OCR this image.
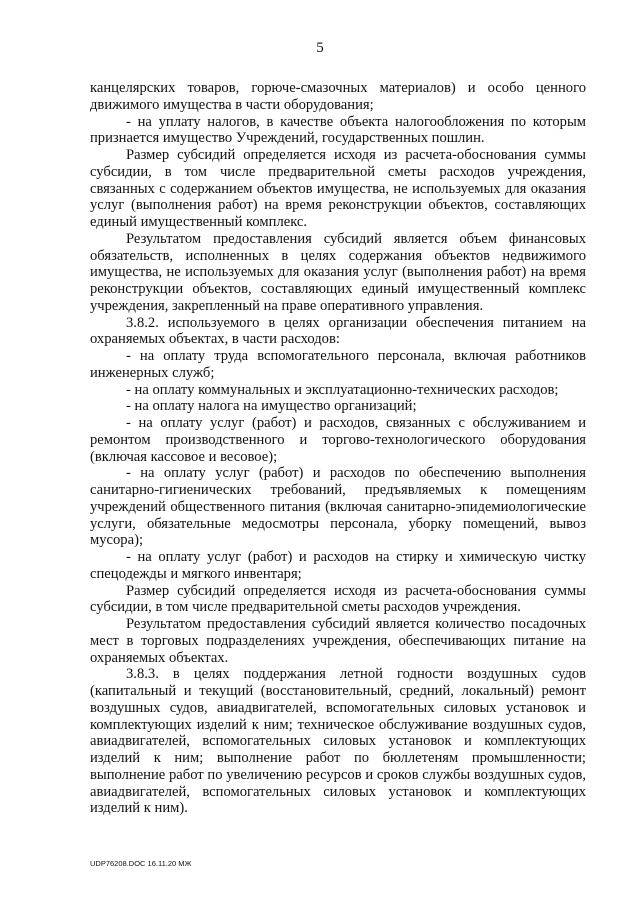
5

канцелярских товаров, горюче-смазочных материалов) и особо ценного движимого имущества в части оборудования;

- на уплату налогов, в качестве объекта налогообложения по которым признается имущество Учреждений, государственных пошлин.

Размер субсидий определяется исходя из расчета-обоснования суммы субсидии, в том числе предварительной сметы расходов учреждения, связанных с содержанием объектов имущества, не используемых для оказания услуг (выполнения работ) на время реконструкции объектов, составляющих единый имущественный комплекс.

Результатом предоставления субсидий является объем финансовых обязательств, исполненных в целях содержания объектов недвижимого имущества, не используемых для оказания услуг (выполнения работ) на время реконструкции объектов, составляющих единый имущественный комплекс учреждения, закрепленный на праве оперативного управления.

3.8.2. используемого в целях организации обеспечения питанием на охраняемых объектах, в части расходов:

- на оплату труда вспомогательного персонала, включая работников инженерных служб;

- на оплату коммунальных и эксплуатационно-технических расходов;

- на оплату налога на имущество организаций;

- на оплату услуг (работ) и расходов, связанных с обслуживанием и ремонтом производственного и торгово-технологического оборудования (включая кассовое и весовое);

- на оплату услуг (работ) и расходов по обеспечению выполнения санитарно-гигиенических требований, предъявляемых к помещениям учреждений общественного питания (включая санитарно-эпидемиологические услуги, обязательные медосмотры персонала, уборку помещений, вывоз мусора);

- на оплату услуг (работ) и расходов на стирку и химическую чистку спецодежды и мягкого инвентаря;

Размер субсидий определяется исходя из расчета-обоснования суммы субсидии, в том числе предварительной сметы расходов учреждения.

Результатом предоставления субсидий является количество посадочных мест в торговых подразделениях учреждения, обеспечивающих питание на охраняемых объектах.

3.8.3. в целях поддержания летной годности воздушных судов (капитальный и текущий (восстановительный, средний, локальный) ремонт воздушных судов, авиадвигателей, вспомогательных силовых установок и комплектующих изделий к ним; техническое обслуживание воздушных судов, авиадвигателей, вспомогательных силовых установок и комплектующих изделий к ним; выполнение работ по бюллетеням промышленности; выполнение работ по увеличению ресурсов и сроков службы воздушных судов, авиадвигателей, вспомогательных силовых установок и комплектующих изделий к ним).

UDP76208.DOC 16.11.20 МЖ
